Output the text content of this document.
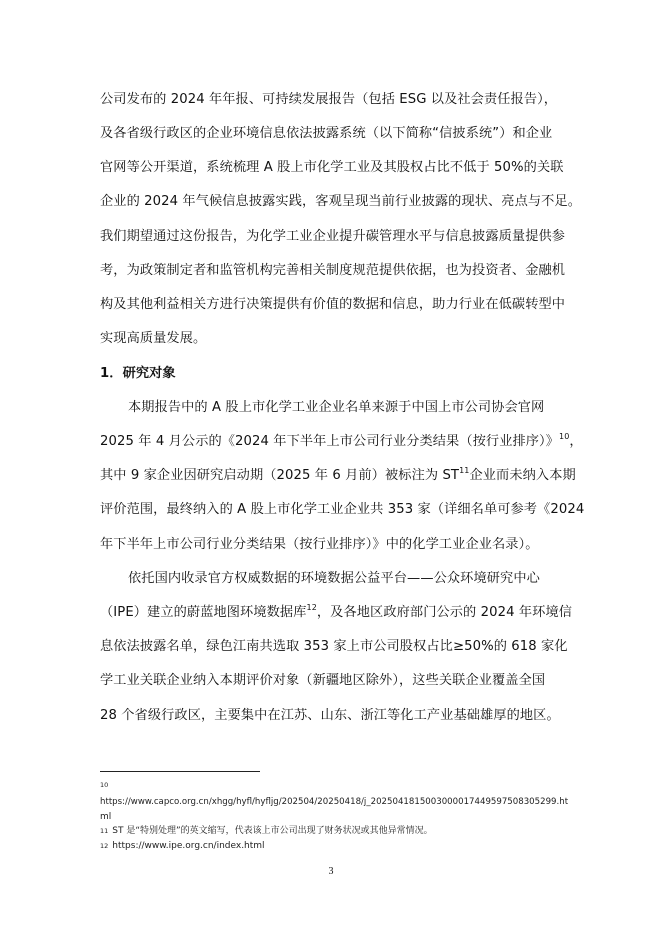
公司发布的 2024 年年报、可持续发展报告（包括 ESG 以及社会责任报告），
及各省级行政区的企业环境信息依法披露系统（以下简称“信披系统”）和企业
官网等公开渠道，系统梳理 A 股上市化学工业及其股权占比不低于 50%的关联
企业的 2024 年气候信息披露实践，客观呈现当前行业披露的现状、亮点与不足。
我们期望通过这份报告，为化学工业企业提升碳管理水平与信息披露质量提供参
考，为政策制定者和监管机构完善相关制度规范提供依据，也为投资者、金融机
构及其他利益相关方进行决策提供有价值的数据和信息，助力行业在低碳转型中
实现高质量发展。
1．研究对象
本期报告中的 A 股上市化学工业企业名单来源于中国上市公司协会官网
2025 年 4 月公示的《2024 年下半年上市公司行业分类结果（按行业排序）》$^{10}$，
其中 9 家企业因研究启动期（2025 年 6 月前）被标注为 ST$^{11}$企业而未纳入本期
评价范围，最终纳入的 A 股上市化学工业企业共 353 家（详细名单可参考《2024
年下半年上市公司行业分类结果（按行业排序）》中的化学工业企业名录）。
依托国内收录官方权威数据的环境数据公益平台——公众环境研究中心
（IPE）建立的蔚蓝地图环境数据库$^{12}$，及各地区政府部门公示的 2024 年环境信
息依法披露名单，绿色江南共选取 353 家上市公司股权占比≥50%的 618 家化
学工业关联企业纳入本期评价对象（新疆地区除外），这些关联企业覆盖全国
28 个省级行政区，主要集中在江苏、山东、浙江等化工产业基础雄厚的地区。
10
https://www.capco.org.cn/xhgg/hyfl/hyfljg/202504/20250418/j_2025041815003000017449597508305299.ht
ml
11 ST 是“特别处理”的英文缩写，代表该上市公司出现了财务状况或其他异常情况。
12 https://www.ipe.org.cn/index.html
3
